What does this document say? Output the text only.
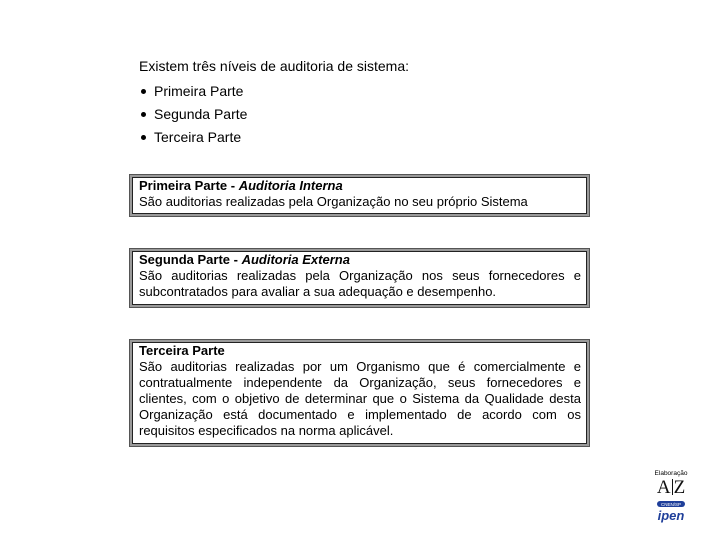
Existem três níveis de auditoria de sistema:

Primeira Parte
Segunda Parte
Terceira Parte
Primeira Parte - Auditoria Interna
São auditorias realizadas pela Organização no seu próprio Sistema
Segunda Parte - Auditoria Externa
São auditorias realizadas pela Organização nos seus fornecedores e subcontratados para avaliar a sua adequação e desempenho.
Terceira Parte
São auditorias realizadas por um Organismo que é comercialmente e contratualmente independente da Organização, seus fornecedores e clientes, com o objetivo de determinar que o Sistema da Qualidade desta Organização está documentado e implementado de acordo com os requisitos especificados na norma aplicável.
Elaboração
A Z
CNEN/SP
ipen
